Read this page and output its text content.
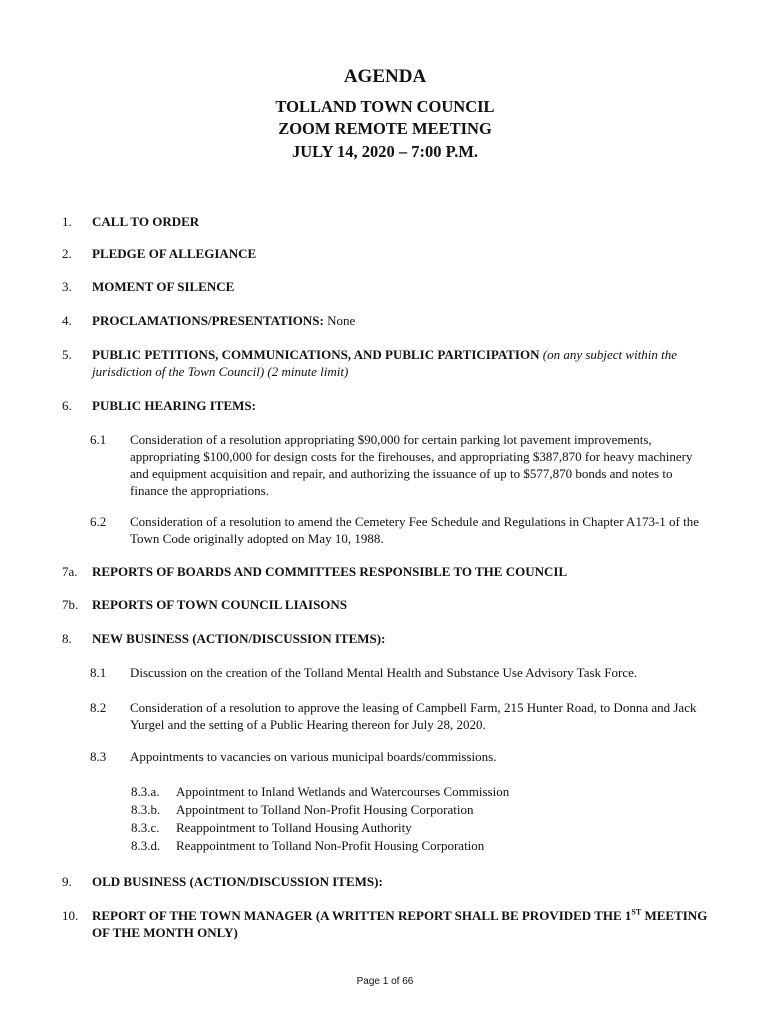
AGENDA
TOLLAND TOWN COUNCIL
ZOOM REMOTE MEETING
JULY 14, 2020 – 7:00 P.M.
1. CALL TO ORDER
2. PLEDGE OF ALLEGIANCE
3. MOMENT OF SILENCE
4. PROCLAMATIONS/PRESENTATIONS: None
5. PUBLIC PETITIONS, COMMUNICATIONS, AND PUBLIC PARTICIPATION (on any subject within the jurisdiction of the Town Council) (2 minute limit)
6. PUBLIC HEARING ITEMS:
6.1 Consideration of a resolution appropriating $90,000 for certain parking lot pavement improvements, appropriating $100,000 for design costs for the firehouses, and appropriating $387,870 for heavy machinery and equipment acquisition and repair, and authorizing the issuance of up to $577,870 bonds and notes to finance the appropriations.
6.2 Consideration of a resolution to amend the Cemetery Fee Schedule and Regulations in Chapter A173-1 of the Town Code originally adopted on May 10, 1988.
7a. REPORTS OF BOARDS AND COMMITTEES RESPONSIBLE TO THE COUNCIL
7b. REPORTS OF TOWN COUNCIL LIAISONS
8. NEW BUSINESS (ACTION/DISCUSSION ITEMS):
8.1 Discussion on the creation of the Tolland Mental Health and Substance Use Advisory Task Force.
8.2 Consideration of a resolution to approve the leasing of Campbell Farm, 215 Hunter Road, to Donna and Jack Yurgel and the setting of a Public Hearing thereon for July 28, 2020.
8.3 Appointments to vacancies on various municipal boards/commissions.
8.3.a. Appointment to Inland Wetlands and Watercourses Commission
8.3.b. Appointment to Tolland Non-Profit Housing Corporation
8.3.c. Reappointment to Tolland Housing Authority
8.3.d. Reappointment to Tolland Non-Profit Housing Corporation
9. OLD BUSINESS (ACTION/DISCUSSION ITEMS):
10. REPORT OF THE TOWN MANAGER (A WRITTEN REPORT SHALL BE PROVIDED THE 1ST MEETING OF THE MONTH ONLY)
Page 1 of 66
